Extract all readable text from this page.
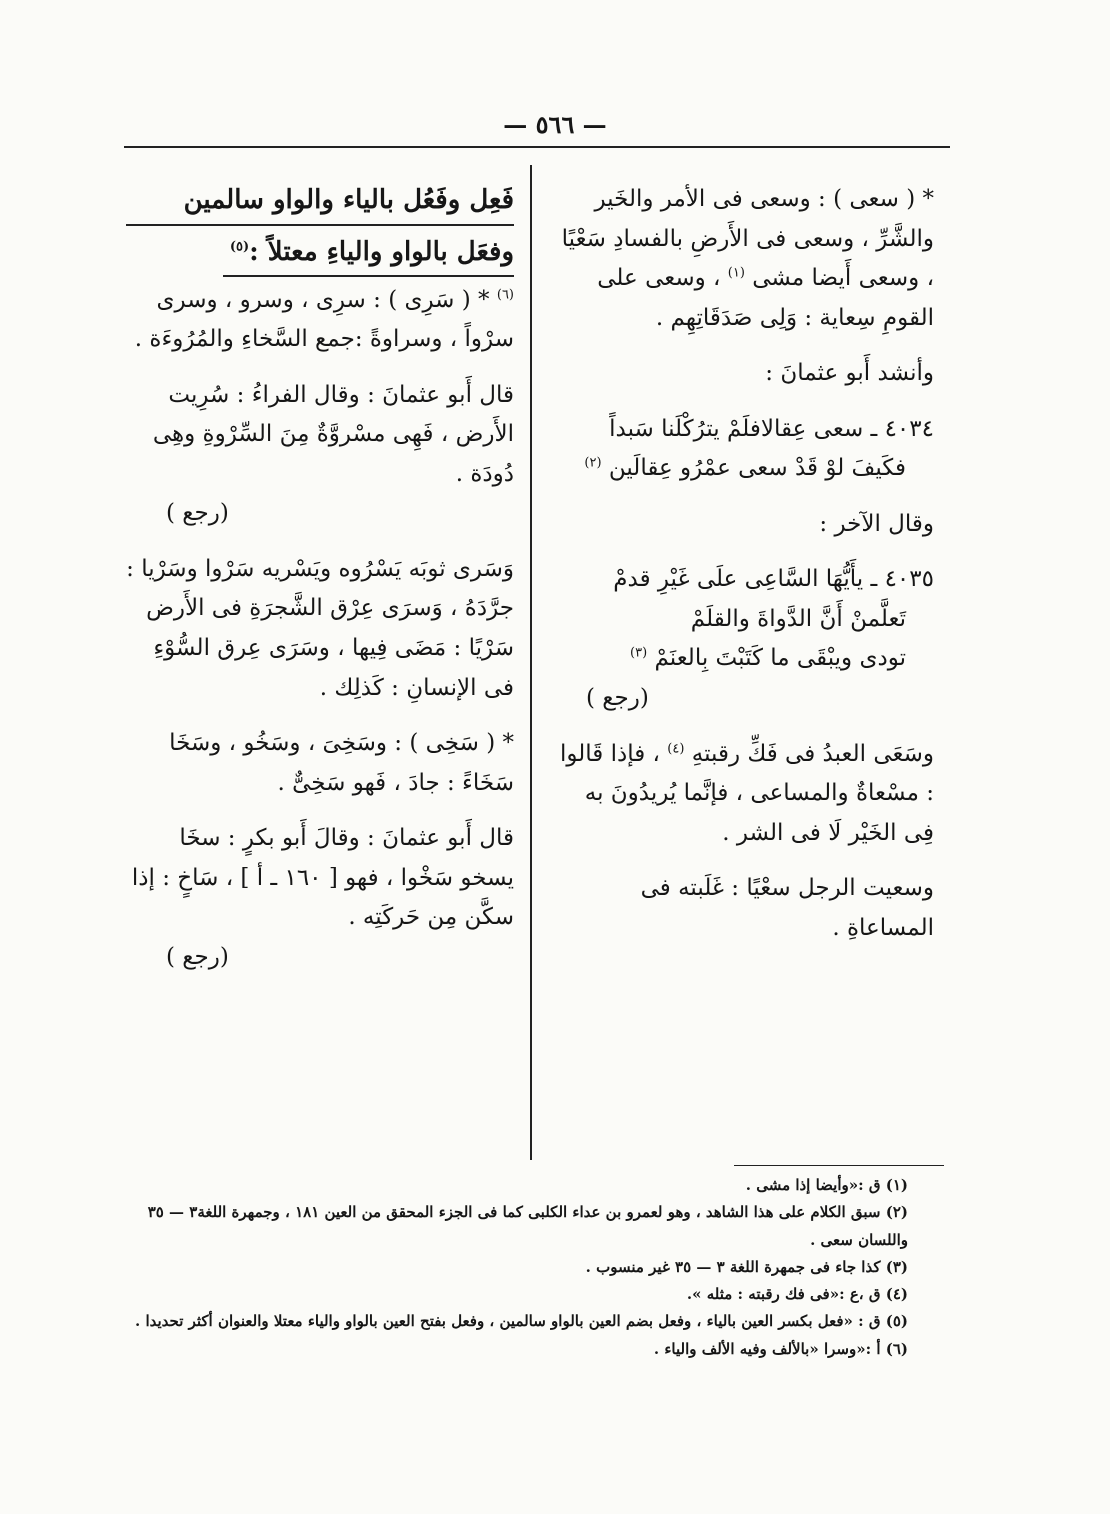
— ٥٦٦ —

* ( سعى ) : وسعى فى الأمر والخَير والشَّرِّ ، وسعى فى الأَرضِ بالفسادِ سَعْيًا ، وسعى أَيضا مشى $^{(١)}$ ، وسعى على القومِ سِعاية : وَلِى صَدَقَاتِهِم .

وأنشد أَبو عثمانَ :

٤٠٣٤ ـ سعى عِقالافلَمْ يترُكْلَنا سَبداً
فكَيفَ لوْ قَدْ سعى عمْرُو عِقالَين $^{(٢)}$

وقال الآخر :

٤٠٣٥ ـ يأَيُّهَا السَّاعِى علَى غَيْرِ قدمْ
تَعلَّمنْ أَنَّ الدَّواةَ والقلَمْ
تودى ويبْقَى ما كَتَبْتَ بِالعنَمْ $^{(٣)}$
(رجع )

وسَعَى العبدُ فى فَكِّ رقبتهِ $^{(٤)}$ ، فإذا قَالوا : مسْعاةٌ والمساعى ، فإنَّما يُريدُونَ به فِى الخَيْر لَا فى الشر .

وسعيت الرجل سعْيًا : غَلَبته فى المساعاةِ .

فَعِل وفَعُل بالياء والواو سالمين
وفعَل بالواو والياءِ معتلاً :$^{(٥)}$

$^{(٦)}$ * ( سَرِى ) : سرِى ، وسرو ، وسرى سرْواً ، وسراوةً :جمع السَّخاءِ والمُرُوءَة .

قال أَبو عثمانَ : وقال الفراءُ : سُرِيت الأَرض ، فَهِى مسْروَّةٌ مِنَ السِّرْوةِ وهِى دُودَة .
(رجع )

وَسَرى ثوبَه يَسْرُوه ويَسْريه سَرْوا وسَرْيا : جرَّدَهُ ، وَسرَى عِرْق الشَّجرَةِ فى الأَرض سَرْيًا : مَضَى فِيها ، وسَرَى عِرق السُّوْءِ فى الإنسانِ : كَذلِك .

* ( سَخِى ) : وسَخِىَ ، وسَخُو ، وسَخَا سَخَاءً : جادَ ، فَهو سَخِىٌّ .

قال أَبو عثمانَ : وقالَ أَبو بكرٍ : سخَا يسخو سَخْوا ، فهو [ ١٦٠ ـ أ ] ، سَاخٍ : إذا سكَّن مِن حَركَتِه .
(رجع )

(١) ق :«وأيضا إذا مشى .
(٢) سبق الكلام على هذا الشاهد ، وهو لعمرو بن عداء الكلبى كما فى الجزء المحقق من العين ١٨١ ، وجمهرة اللغة٣ — ٣٥ واللسان سعى .
(٣) كذا جاء فى جمهرة اللغة ٣ — ٣٥ غير منسوب .
(٤) ق ،ع :«فى فك رقبته : مثله ».
(٥) ق : «فعل بكسر العين بالياء ، وفعل بضم العين بالواو سالمين ، وفعل بفتح العين بالواو والياء معتلا والعنوان أكثر تحديدا .
(٦) أ :«وسرا «بالألف وفيه الألف والياء .
